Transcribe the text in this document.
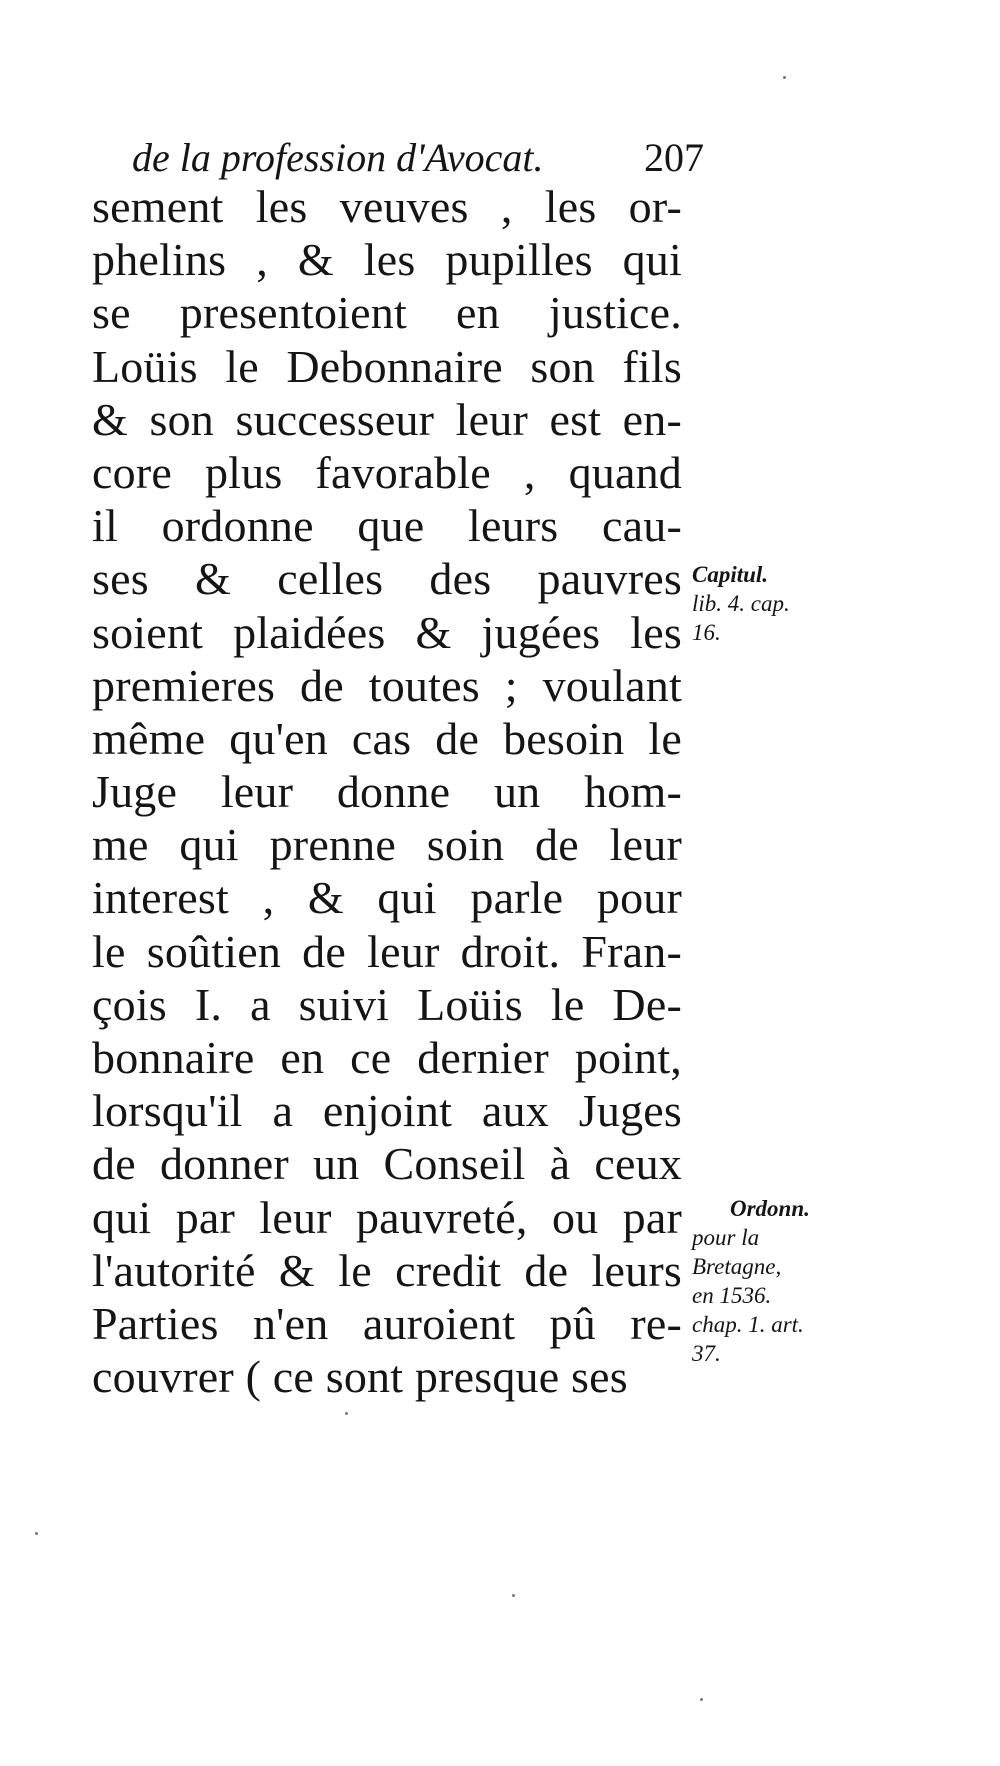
de la profession d'Avocat.	207
sement les veuves , les or-
phelins , & les pupilles qui
se presentoient en justice.
Loüis le Debonnaire son fils
& son successeur leur est en-
core plus favorable , quand
il ordonne que leurs cau-
ses & celles des pauvres
soient plaidées & jugées les
premieres de toutes ; voulant
même qu'en cas de besoin le
Juge leur donne un hom-
me qui prenne soin de leur
interest , & qui parle pour
le soûtien de leur droit. Fran-
çois I. a suivi Loüis le De-
bonnaire en ce dernier point,
lorsqu'il a enjoint aux Juges
de donner un Conseil à ceux
qui par leur pauvreté, ou par
l'autorité & le credit de leurs
Parties n'en auroient pû re-
couvrer ( ce sont presque ses
Capitul.
lib. 4. cap.
16.
Ordonn.
pour la
Bretagne,
en 1536.
chap. 1. art.
37.
